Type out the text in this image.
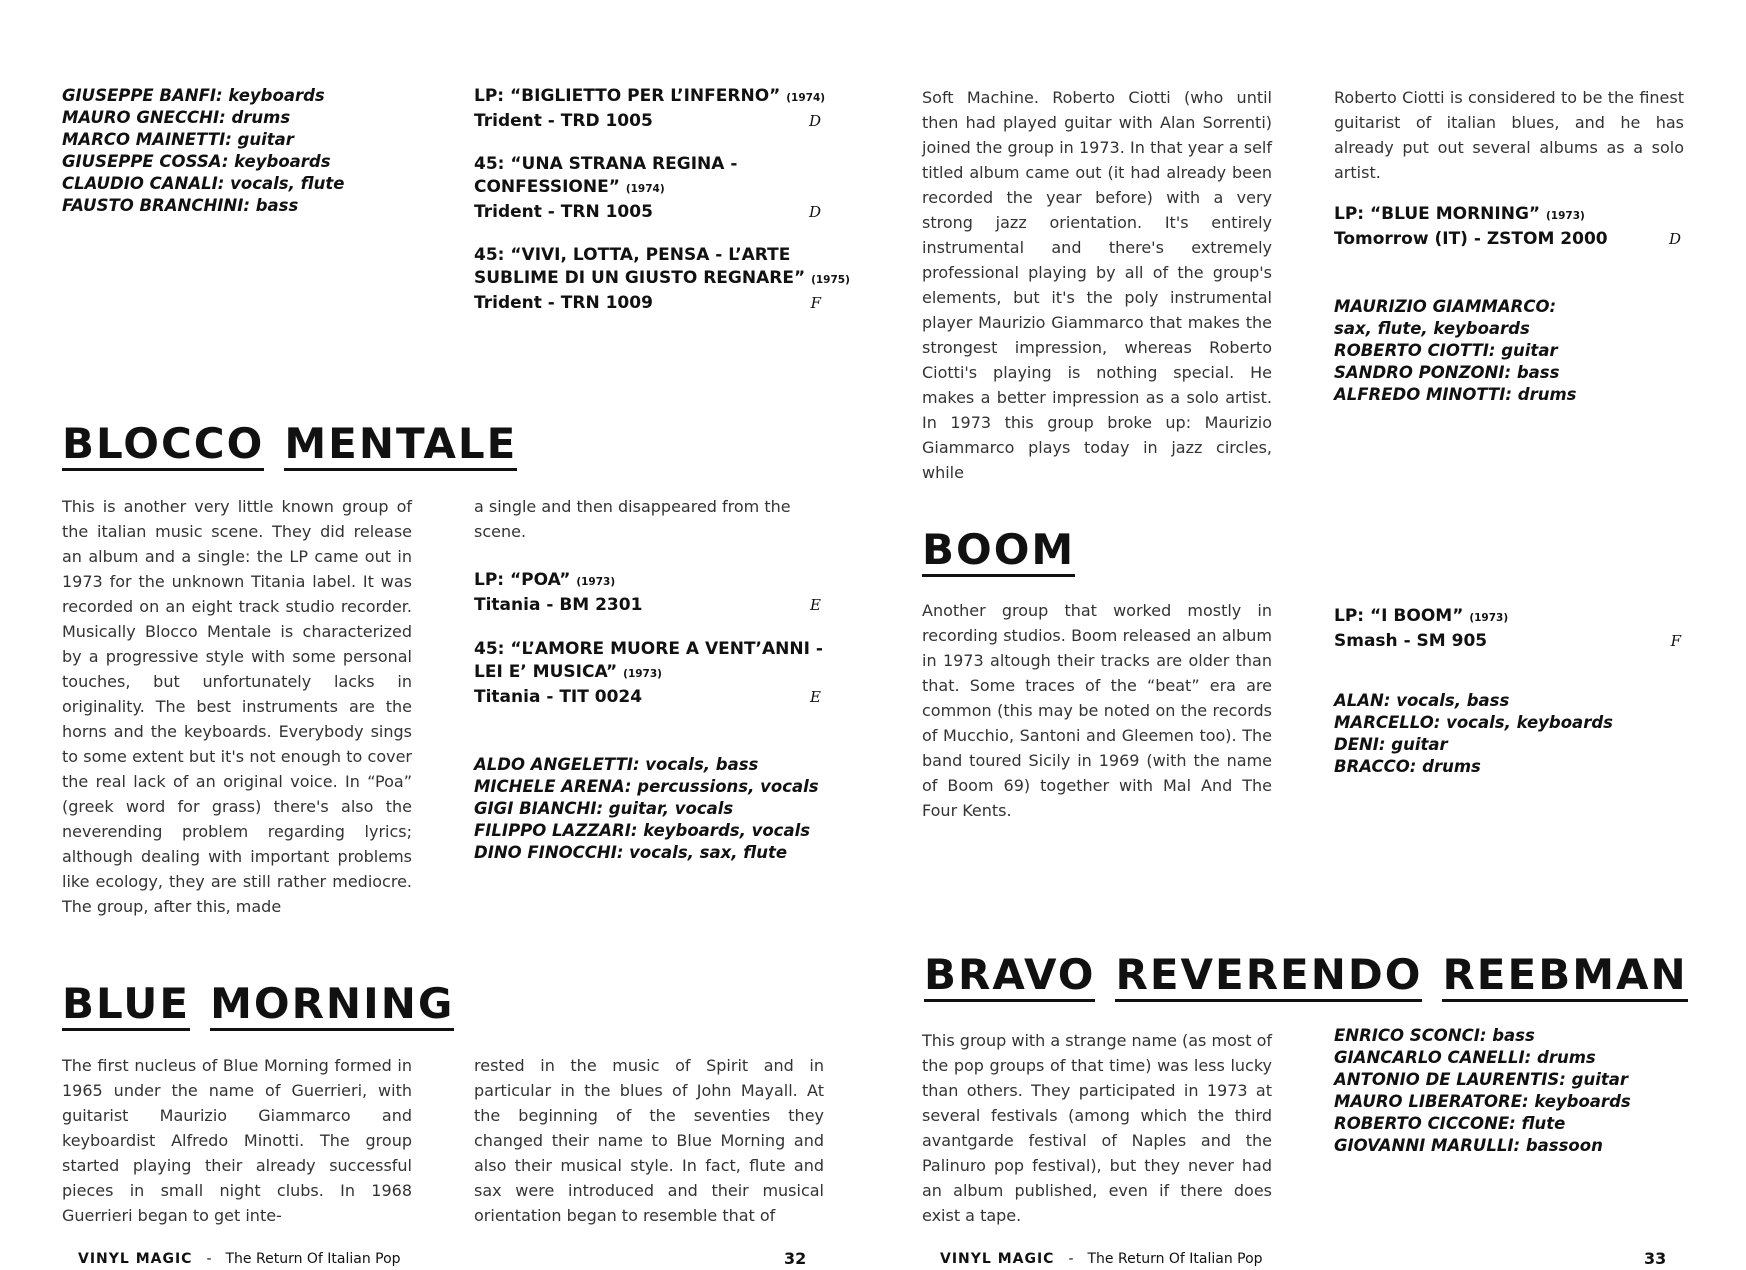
GIUSEPPE BANFI: keyboards
MAURO GNECCHI: drums
MARCO MAINETTI: guitar
GIUSEPPE COSSA: keyboards
CLAUDIO CANALI: vocals, flute
FAUSTO BRANCHINI: bass
LP: “BIGLIETTO PER L’INFERNO” (1974)
Trident - TRD 1005	D
45: “UNA STRANA REGINA -
CONFESSIONE” (1974)
Trident - TRN 1005	D
45: “VIVI, LOTTA, PENSA - L’ARTE
SUBLIME DI UN GIUSTO REGNARE” (1975)
Trident - TRN 1009	F
BLOCCO MENTALE

This is another very little known group of the italian music scene. They did release an album and a single: the LP came out in 1973 for the unknown Titania label. It was recorded on an eight track studio recorder. Musically Blocco Mentale is characterized by a progressive style with some personal touches, but unfortunately lacks in originality. The best instruments are the horns and the keyboards. Everybody sings to some extent but it's not enough to cover the real lack of an original voice. In “Poa” (greek word for grass) there's also the neverending problem regarding lyrics; although dealing with important problems like ecology, they are still rather mediocre. The group, after this, made

a single and then disappeared from the scene.

LP: “POA” (1973)
Titania - BM 2301	E
45: “L’AMORE MUORE A VENT’ANNI -
LEI E’ MUSICA” (1973)
Titania - TIT 0024	E
ALDO ANGELETTI: vocals, bass
MICHELE ARENA: percussions, vocals
GIGI BIANCHI: guitar, vocals
FILIPPO LAZZARI: keyboards, vocals
DINO FINOCCHI: vocals, sax, flute
BLUE MORNING

The first nucleus of Blue Morning formed in 1965 under the name of Guerrieri, with guitarist Maurizio Giammarco and keyboardist Alfredo Minotti. The group started playing their already successful pieces in small night clubs. In 1968 Guerrieri began to get inte-

rested in the music of Spirit and in particular in the blues of John Mayall. At the beginning of the seventies they changed their name to Blue Morning and also their musical style. In fact, flute and sax were introduced and their musical orientation began to resemble that of

VINYL MAGIC - The Return Of Italian Pop	32

Soft Machine. Roberto Ciotti (who until then had played guitar with Alan Sorrenti) joined the group in 1973. In that year a self titled album came out (it had already been recorded the year before) with a very strong jazz orientation. It's entirely instrumental and there's extremely professional playing by all of the group's elements, but it's the poly instrumental player Maurizio Giammarco that makes the strongest impression, whereas Roberto Ciotti's playing is nothing special. He makes a better impression as a solo artist. In 1973 this group broke up: Maurizio Giammarco plays today in jazz circles, while

Roberto Ciotti is considered to be the finest guitarist of italian blues, and he has already put out several albums as a solo artist.

LP: “BLUE MORNING” (1973)
Tomorrow (IT) - ZSTOM 2000	D
MAURIZIO GIAMMARCO:
sax, flute, keyboards
ROBERTO CIOTTI: guitar
SANDRO PONZONI: bass
ALFREDO MINOTTI: drums
BOOM

Another group that worked mostly in recording studios. Boom released an album in 1973 altough their tracks are older than that. Some traces of the “beat” era are common (this may be noted on the records of Mucchio, Santoni and Gleemen too). The band toured Sicily in 1969 (with the name of Boom 69) together with Mal And The Four Kents.

LP: “I BOOM” (1973)
Smash - SM 905	F
ALAN: vocals, bass
MARCELLO: vocals, keyboards
DENI: guitar
BRACCO: drums
BRAVO REVERENDO REEBMAN

This group with a strange name (as most of the pop groups of that time) was less lucky than others. They participated in 1973 at several festivals (among which the third avantgarde festival of Naples and the Palinuro pop festival), but they never had an album published, even if there does exist a tape.

ENRICO SCONCI: bass
GIANCARLO CANELLI: drums
ANTONIO DE LAURENTIS: guitar
MAURO LIBERATORE: keyboards
ROBERTO CICCONE: flute
GIOVANNI MARULLI: bassoon
VINYL MAGIC - The Return Of Italian Pop	33
